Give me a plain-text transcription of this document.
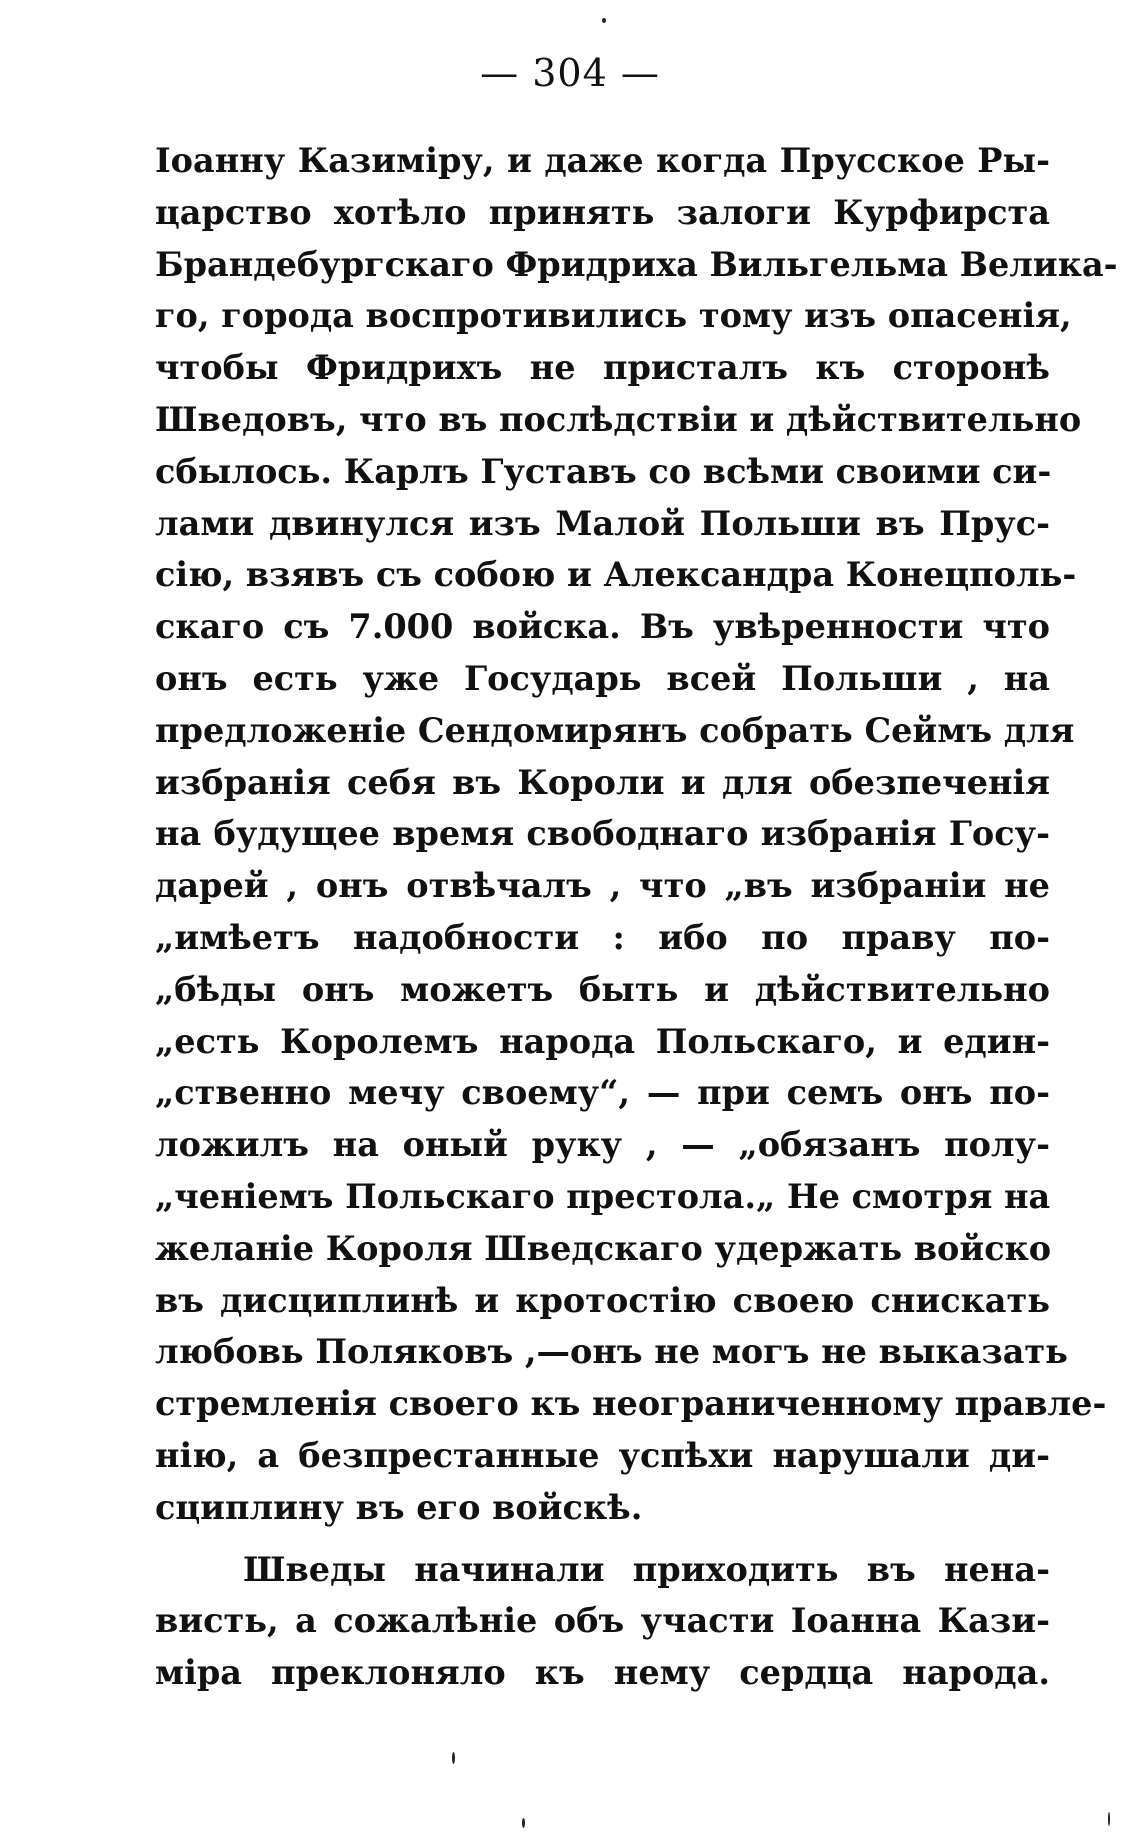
— 304 —
Іоанну Казиміру, и даже когда Прусское Ры-
царство хотѣло принять залоги Курфирста
Брандебургскаго Фридриха Вильгельма Велика-
го, города воспротивились тому изъ опасенія,
чтобы Фридрихъ не присталъ къ сторонѣ
Шведовъ, что въ послѣдствіи и дѣйствительно
сбылось. Карлъ Густавъ со всѣми своими си-
лами двинулся изъ Малой Польши въ Прус-
сію, взявъ съ собою и Александра Конецполь-
скаго съ 7.000 войска. Въ увѣренности что
онъ есть уже Государь всей Польши , на
предложеніе Сендомирянъ собрать Сеймъ для
избранія себя въ Короли и для обезпеченія
на будущее время свободнаго избранія Госу-
дарей , онъ отвѣчалъ , что „въ избраніи не
„имѣетъ надобности : ибо по праву по-
„бѣды онъ можетъ быть и дѣйствительно
„есть Королемъ народа Польскаго, и един-
„ственно мечу своему“, — при семъ онъ по-
ложилъ на оный руку , — „обязанъ полу-
„ченіемъ Польскаго престола.„ Не смотря на
желаніе Короля Шведскаго удержать войско
въ дисциплинѣ и кротостію своею снискать
любовь Поляковъ ,—онъ не могъ не выказать
стремленія своего къ неограниченному правле-
нію, а безпрестанные успѣхи нарушали ди-
сциплину въ его войскѣ.
Шведы начинали приходить въ нена-
висть, а сожалѣніе объ участи Іоанна Кази-
міра преклоняло къ нему сердца народа.
